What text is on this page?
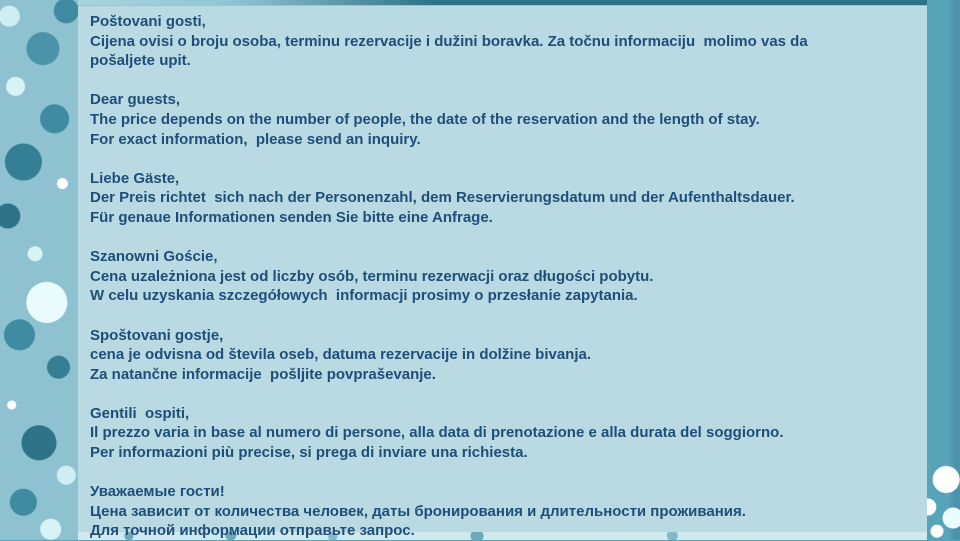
Poštovani gosti,
Cijena ovisi o broju osoba, terminu rezervacije i dužini boravka. Za točnu informaciju  molimo vas da
pošaljete upit.
Dear guests,
The price depends on the number of people, the date of the reservation and the length of stay.
For exact information,  please send an inquiry.
Liebe Gäste,
Der Preis richtet  sich nach der Personenzahl, dem Reservierungsdatum und der Aufenthaltsdauer.
Für genaue Informationen senden Sie bitte eine Anfrage.
Szanowni Goście,
Cena uzależniona jest od liczby osób, terminu rezerwacji oraz długości pobytu.
W celu uzyskania szczegółowych  informacji prosimy o przesłanie zapytania.
Spoštovani gostje,
cena je odvisna od števila oseb, datuma rezervacije in dolžine bivanja.
Za natančne informacije  pošljite povpraševanje.
Gentili  ospiti,
Il prezzo varia in base al numero di persone, alla data di prenotazione e alla durata del soggiorno.
Per informazioni più precise, si prega di inviare una richiesta.
Уважаемые гости!
Цена зависит от количества человек, даты бронирования и длительности проживания.
Для точной информации отправьте запрос.
